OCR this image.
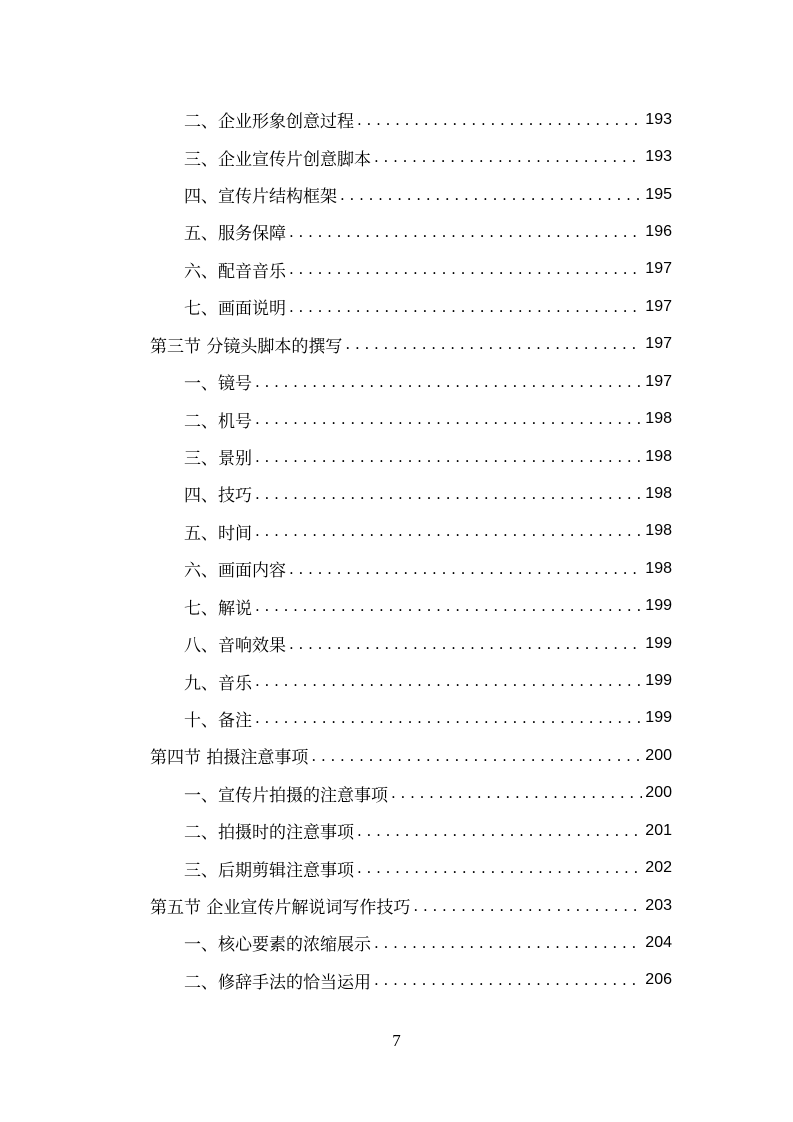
二、企业形象创意过程 . . .	193
三、企业宣传片创意脚本 . . .	193
四、宣传片结构框架 . . .	195
五、服务保障 . . .	196
六、配音音乐 . . .	197
七、画面说明 . . .	197
第三节 分镜头脚本的撰写 . . .	197
一、镜号 . . .	197
二、机号 . . .	198
三、景别 . . .	198
四、技巧 . . .	198
五、时间 . . .	198
六、画面内容 . . .	198
七、解说 . . .	199
八、音响效果 . . .	199
九、音乐 . . .	199
十、备注 . . .	199
第四节 拍摄注意事项 . . .	200
一、宣传片拍摄的注意事项 . . .	200
二、拍摄时的注意事项 . . .	201
三、后期剪辑注意事项 . . .	202
第五节 企业宣传片解说词写作技巧 . . .	203
一、核心要素的浓缩展示 . . .	204
二、修辞手法的恰当运用 . . .	206
7
